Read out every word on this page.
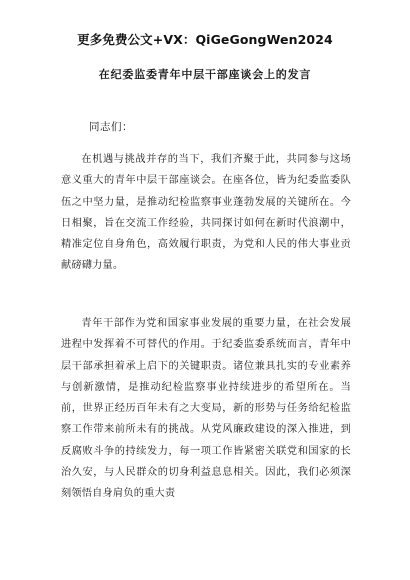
更多免费公文+VX：QiGeGongWen2024
在纪委监委青年中层干部座谈会上的发言
同志们：

在机遇与挑战并存的当下，我们齐聚于此，共同参与这场意义重大的青年中层干部座谈会。在座各位，皆为纪委监委队伍之中坚力量，是推动纪检监察事业蓬勃发展的关键所在。今日相聚，旨在交流工作经验，共同探讨如何在新时代浪潮中，精准定位自身角色，高效履行职责，为党和人民的伟大事业贡献磅礴力量。

青年干部作为党和国家事业发展的重要力量，在社会发展进程中发挥着不可替代的作用。于纪委监委系统而言，青年中层干部承担着承上启下的关键职责。诸位兼具扎实的专业素养与创新激情，是推动纪检监察事业持续进步的希望所在。当前，世界正经历百年未有之大变局，新的形势与任务给纪检监察工作带来前所未有的挑战。从党风廉政建设的深入推进，到反腐败斗争的持续发力，每一项工作皆紧密关联党和国家的长治久安，与人民群众的切身利益息息相关。因此，我们必须深刻领悟自身肩负的重大责
